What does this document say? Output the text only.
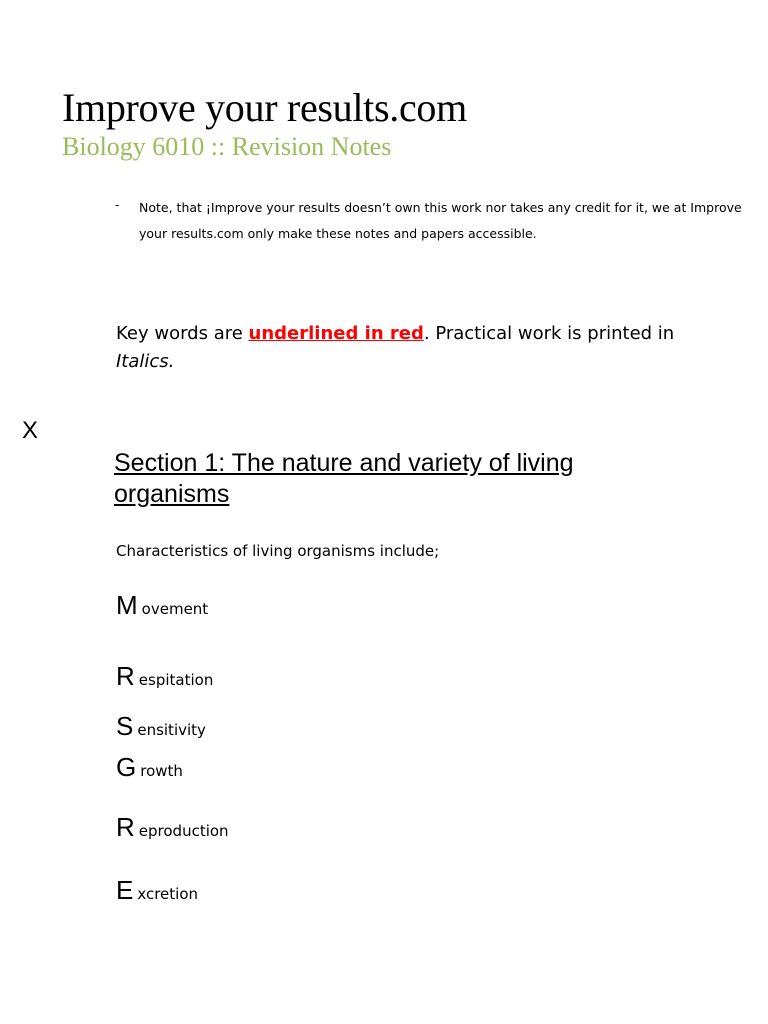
Improve your results.com
Biology 6010 :: Revision Notes
- Note, that ¡Improve your results doesn’t own this work nor takes any credit for it, we at Improve your results.com only make these notes and papers accessible.
Key words are underlined in red. Practical work is printed in Italics.
X
Section 1: The nature and variety of living organisms
Characteristics of living organisms include;
M ovement
R espitation
S ensitivity
G rowth
R eproduction
E xcretion
